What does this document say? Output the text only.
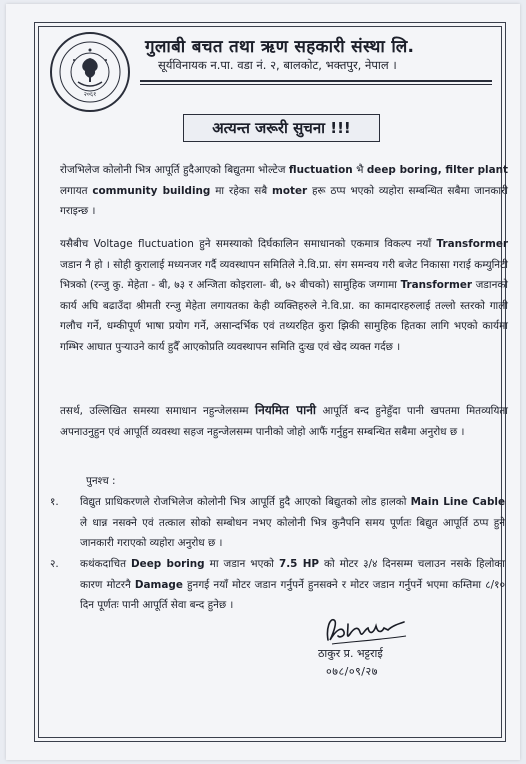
२०६१
गुलाबी बचत तथा ऋण सहकारी संस्था लि.
सूर्यविनायक न.पा. वडा नं. २, बालकोट, भक्तपुर, नेपाल ।
अत्यन्त जरूरी सुचना !!!
रोजभिलेज कोलोनी भित्र आपूर्ति हुदैआएको बिद्युतमा भोल्टेज fluctuation भै deep boring, filter plant लगायत community building मा रहेका सबै moter हरू ठप्प भएको व्यहोरा सम्बन्धित सबैमा जानकारी गराइन्छ ।
यसैबीच Voltage fluctuation हुने समस्याको दिर्घकालिन समाधानको एकमात्र विकल्प नयाँ Transformer जडान नै हो । सोही कुरालाई मध्यनजर गर्दै व्यवस्थापन समितिले ने.वि.प्रा. संग समन्वय गरी बजेट निकासा गराई कम्युनिटी भित्रको (रन्जु कु. मेहेता - बी, ७३ र अन्जिता कोइराला- बी, ७२ बीचको) सामुहिक जग्गामा Transformer जडानको कार्य अघि बढाउँदा श्रीमती रन्जु मेहेता लगायतका केही व्यक्तिहरुले ने.वि.प्रा. का कामदारहरुलाई तल्लो स्तरको गाली गलौच गर्ने, धम्कीपूर्ण भाषा प्रयोग गर्ने, असान्दर्भिक एवं तथ्यरहित कुरा झिकी सामुहिक हितका लागि भएको कार्यमा गम्भिर आघात पुऱ्याउने कार्य हुदैँ आएकोप्रति व्यवस्थापन समिति दुःख एवं खेद व्यक्त गर्दछ ।
तसर्थ, उल्लिखित समस्या समाधान नहुन्जेलसम्म नियमित पानी आपूर्ति बन्द हुनेहुँदा पानी खपतमा मितव्ययिता अपनाउनुहुन एवं आपूर्ति व्यवस्था सहज नहुन्जेलसम्म पानीको जोहो आफैं गर्नुहुन सम्बन्धित सबैमा अनुरोध छ ।
पुनश्च :
१. विद्युत प्राधिकरणले रोजभिलेज कोलोनी भित्र आपूर्ति हुदै आएको बिद्युतको लोड हालको Main Line Cable ले धान्न नसक्ने एवं तत्काल सोको सम्बोधन नभए कोलोनी भित्र कुनैपनि समय पूर्णतः बिद्युत आपूर्ति ठप्प हुने जानकारी गराएको व्यहोरा अनुरोध छ ।
२. कथंकदाचित Deep boring मा जडान भएको 7.5 HP को मोटर ३/४ दिनसम्म चलाउन नसके हिलोका कारण मोटरनै Damage हुनगई नयाँ मोटर जडान गर्नुपर्ने हुनसक्ने र मोटर जडान गर्नुपर्ने भएमा कम्तिमा ८/१० दिन पूर्णतः पानी आपूर्ति सेवा बन्द हुनेछ ।
ठाकुर प्र. भट्टराई
०७८/०९/२७
